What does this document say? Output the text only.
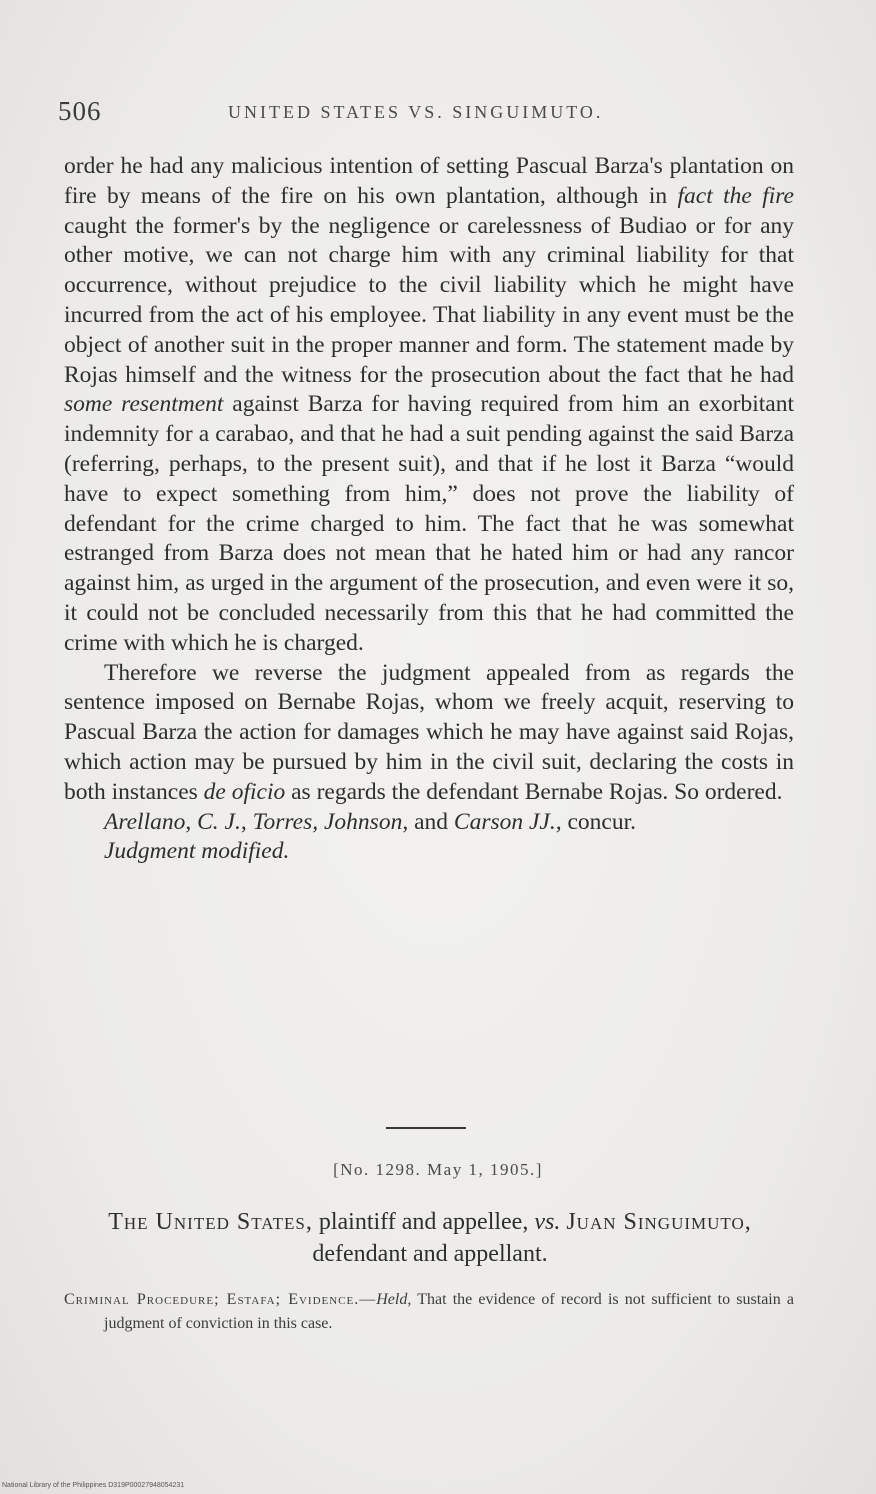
506	UNITED STATES VS. SINGUIMUTO.

order he had any malicious intention of setting Pascual Barza's plantation on fire by means of the fire on his own plantation, although in fact the fire caught the former's by the negligence or carelessness of Budiao or for any other motive, we can not charge him with any criminal liability for that occurrence, without prejudice to the civil liability which he might have incurred from the act of his employee. That liability in any event must be the object of another suit in the proper manner and form. The statement made by Rojas himself and the witness for the prosecution about the fact that he had some resentment against Barza for having required from him an exorbitant indemnity for a carabao, and that he had a suit pending against the said Barza (referring, perhaps, to the present suit), and that if he lost it Barza “would have to expect something from him,” does not prove the liability of defendant for the crime charged to him. The fact that he was somewhat estranged from Barza does not mean that he hated him or had any rancor against him, as urged in the argument of the prosecution, and even were it so, it could not be concluded necessarily from this that he had committed the crime with which he is charged.

Therefore we reverse the judgment appealed from as regards the sentence imposed on Bernabe Rojas, whom we freely acquit, reserving to Pascual Barza the action for damages which he may have against said Rojas, which action may be pursued by him in the civil suit, declaring the costs in both instances de oficio as regards the defendant Bernabe Rojas. So ordered.

Arellano, C. J., Torres, Johnson, and Carson JJ., concur.

Judgment modified.

[No. 1298. May 1, 1905.]
The United States, plaintiff and appellee, vs. Juan Singuimuto, defendant and appellant.
Criminal Procedure; Estafa; Evidence.—Held, That the evidence of record is not sufficient to sustain a judgment of conviction in this case.
National Library of the Philippines D319P00027948054231
